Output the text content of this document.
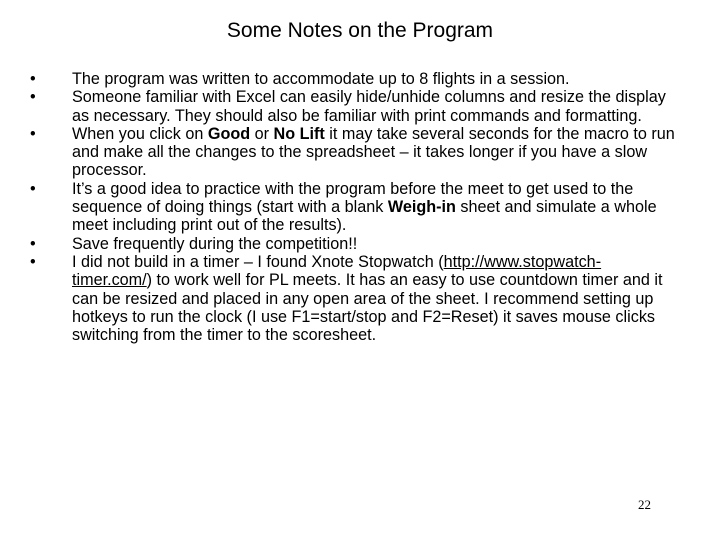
Some Notes on the Program
•	The program was written to accommodate up to 8 flights in a session.
•	Someone familiar with Excel can easily hide/unhide columns and resize the display as necessary. They should also be familiar with print commands and formatting.
•	When you click on Good or No Lift it may take several seconds for the macro to run and make all the changes to the spreadsheet – it takes longer if you have a slow processor.
•	It’s a good idea to practice with the program before the meet to get used to the sequence of doing things (start with a blank Weigh-in sheet and simulate a whole meet including print out of the results).
•	Save frequently during the competition!!
•	I did not build in a timer – I found Xnote Stopwatch (http://www.stopwatch-timer.com/) to work well for PL meets. It has an easy to use countdown timer and it can be resized and placed in any open area of the sheet. I recommend setting up hotkeys to run the clock (I use F1=start/stop and F2=Reset) it saves mouse clicks switching from the timer to the scoresheet.
22
